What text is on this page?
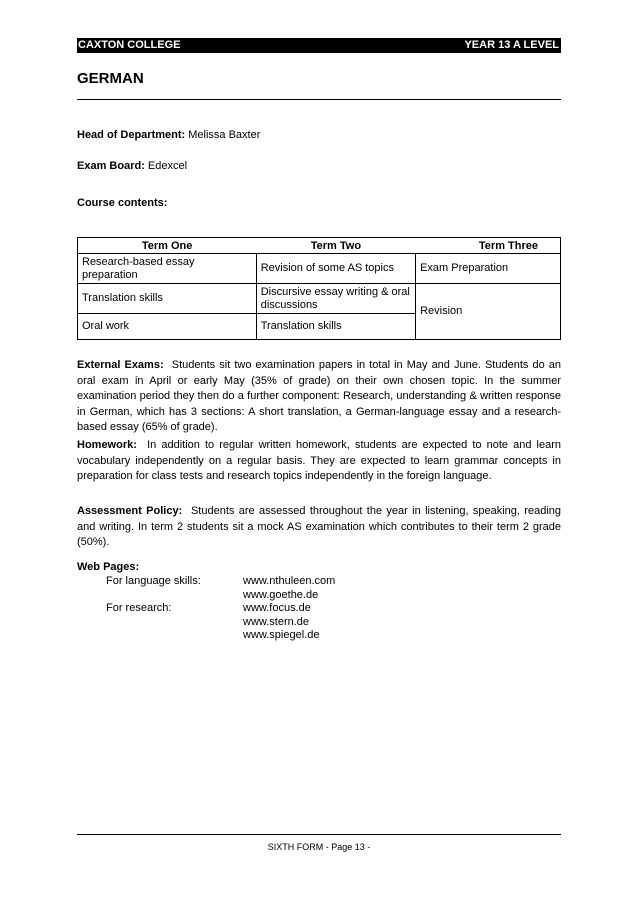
CAXTON COLLEGE	YEAR 13 A LEVEL
GERMAN
Head of Department: Melissa Baxter
Exam Board: Edexcel
Course contents:
Term One	Term Two	Term Three
Research-based essay preparation	Revision of some AS topics	Exam Preparation
Translation skills	Discursive essay writing & oral discussions	Revision
Oral work	Translation skills	
External Exams: Students sit two examination papers in total in May and June. Students do an oral exam in April or early May (35% of grade) on their own chosen topic. In the summer examination period they then do a further component: Research, understanding & written response in German, which has 3 sections: A short translation, a German-language essay and a research-based essay (65% of grade).
Homework: In addition to regular written homework, students are expected to note and learn vocabulary independently on a regular basis. They are expected to learn grammar concepts in preparation for class tests and research topics independently in the foreign language.
Assessment Policy: Students are assessed throughout the year in listening, speaking, reading and writing. In term 2 students sit a mock AS examination which contributes to their term 2 grade (50%).
Web Pages:
For language skills:	www.nthuleen.com
www.goethe.de
For research:	www.focus.de
www.stern.de
www.spiegel.de
SIXTH FORM - Page 13 -
